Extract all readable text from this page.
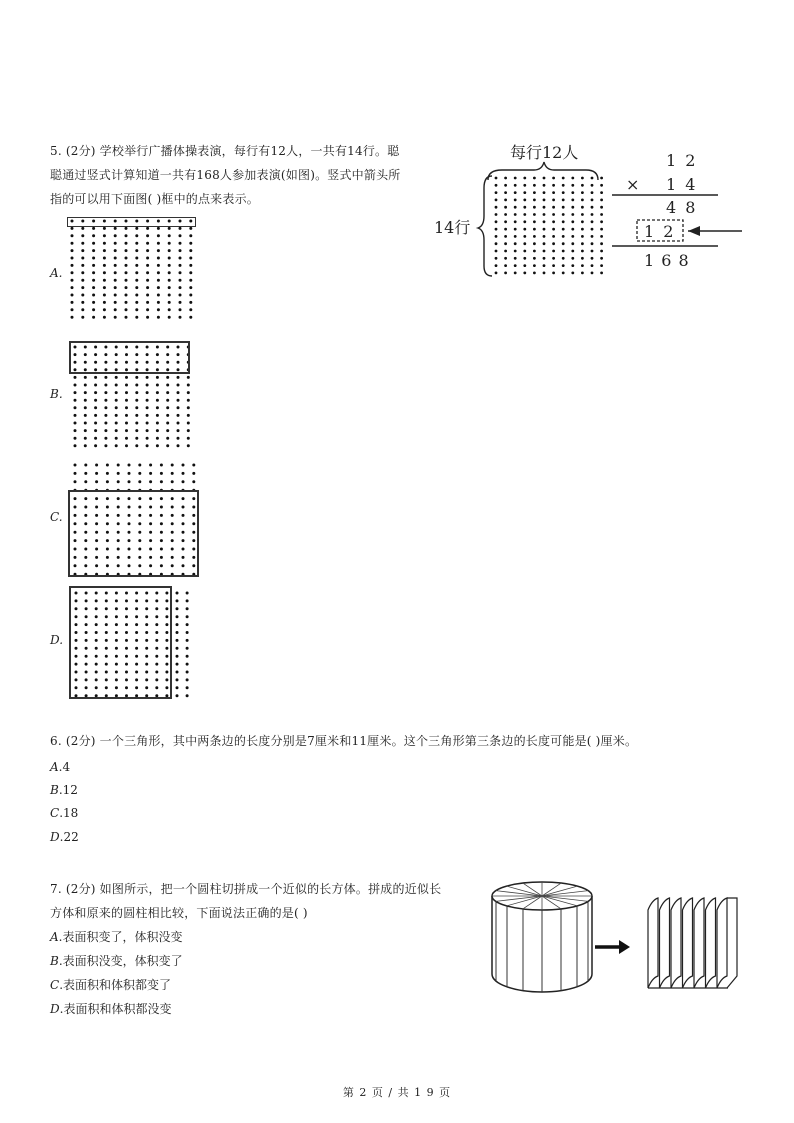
5. (2分) 学校举行广播体操表演，每行有12人，一共有14行。聪
聪通过竖式计算知道一共有168人参加表演(如图)。竖式中箭头所
指的可以用下面图( )框中的点来表示。
A.
B.
C.
D.
每行12人
14行
1 2
× 1 4
4 8
1 2
1 6 8
6. (2分) 一个三角形，其中两条边的长度分别是7厘米和11厘米。这个三角形第三条边的长度可能是( )厘米。
A.4
B.12
C.18
D.22
7. (2分) 如图所示，把一个圆柱切拼成一个近似的长方体。拼成的近似长
方体和原来的圆柱相比较，下面说法正确的是( )
A.表面积变了，体积没变
B.表面积没变，体积变了
C.表面积和体积都变了
D.表面积和体积都没变
第 2 页 / 共 1 9 页
